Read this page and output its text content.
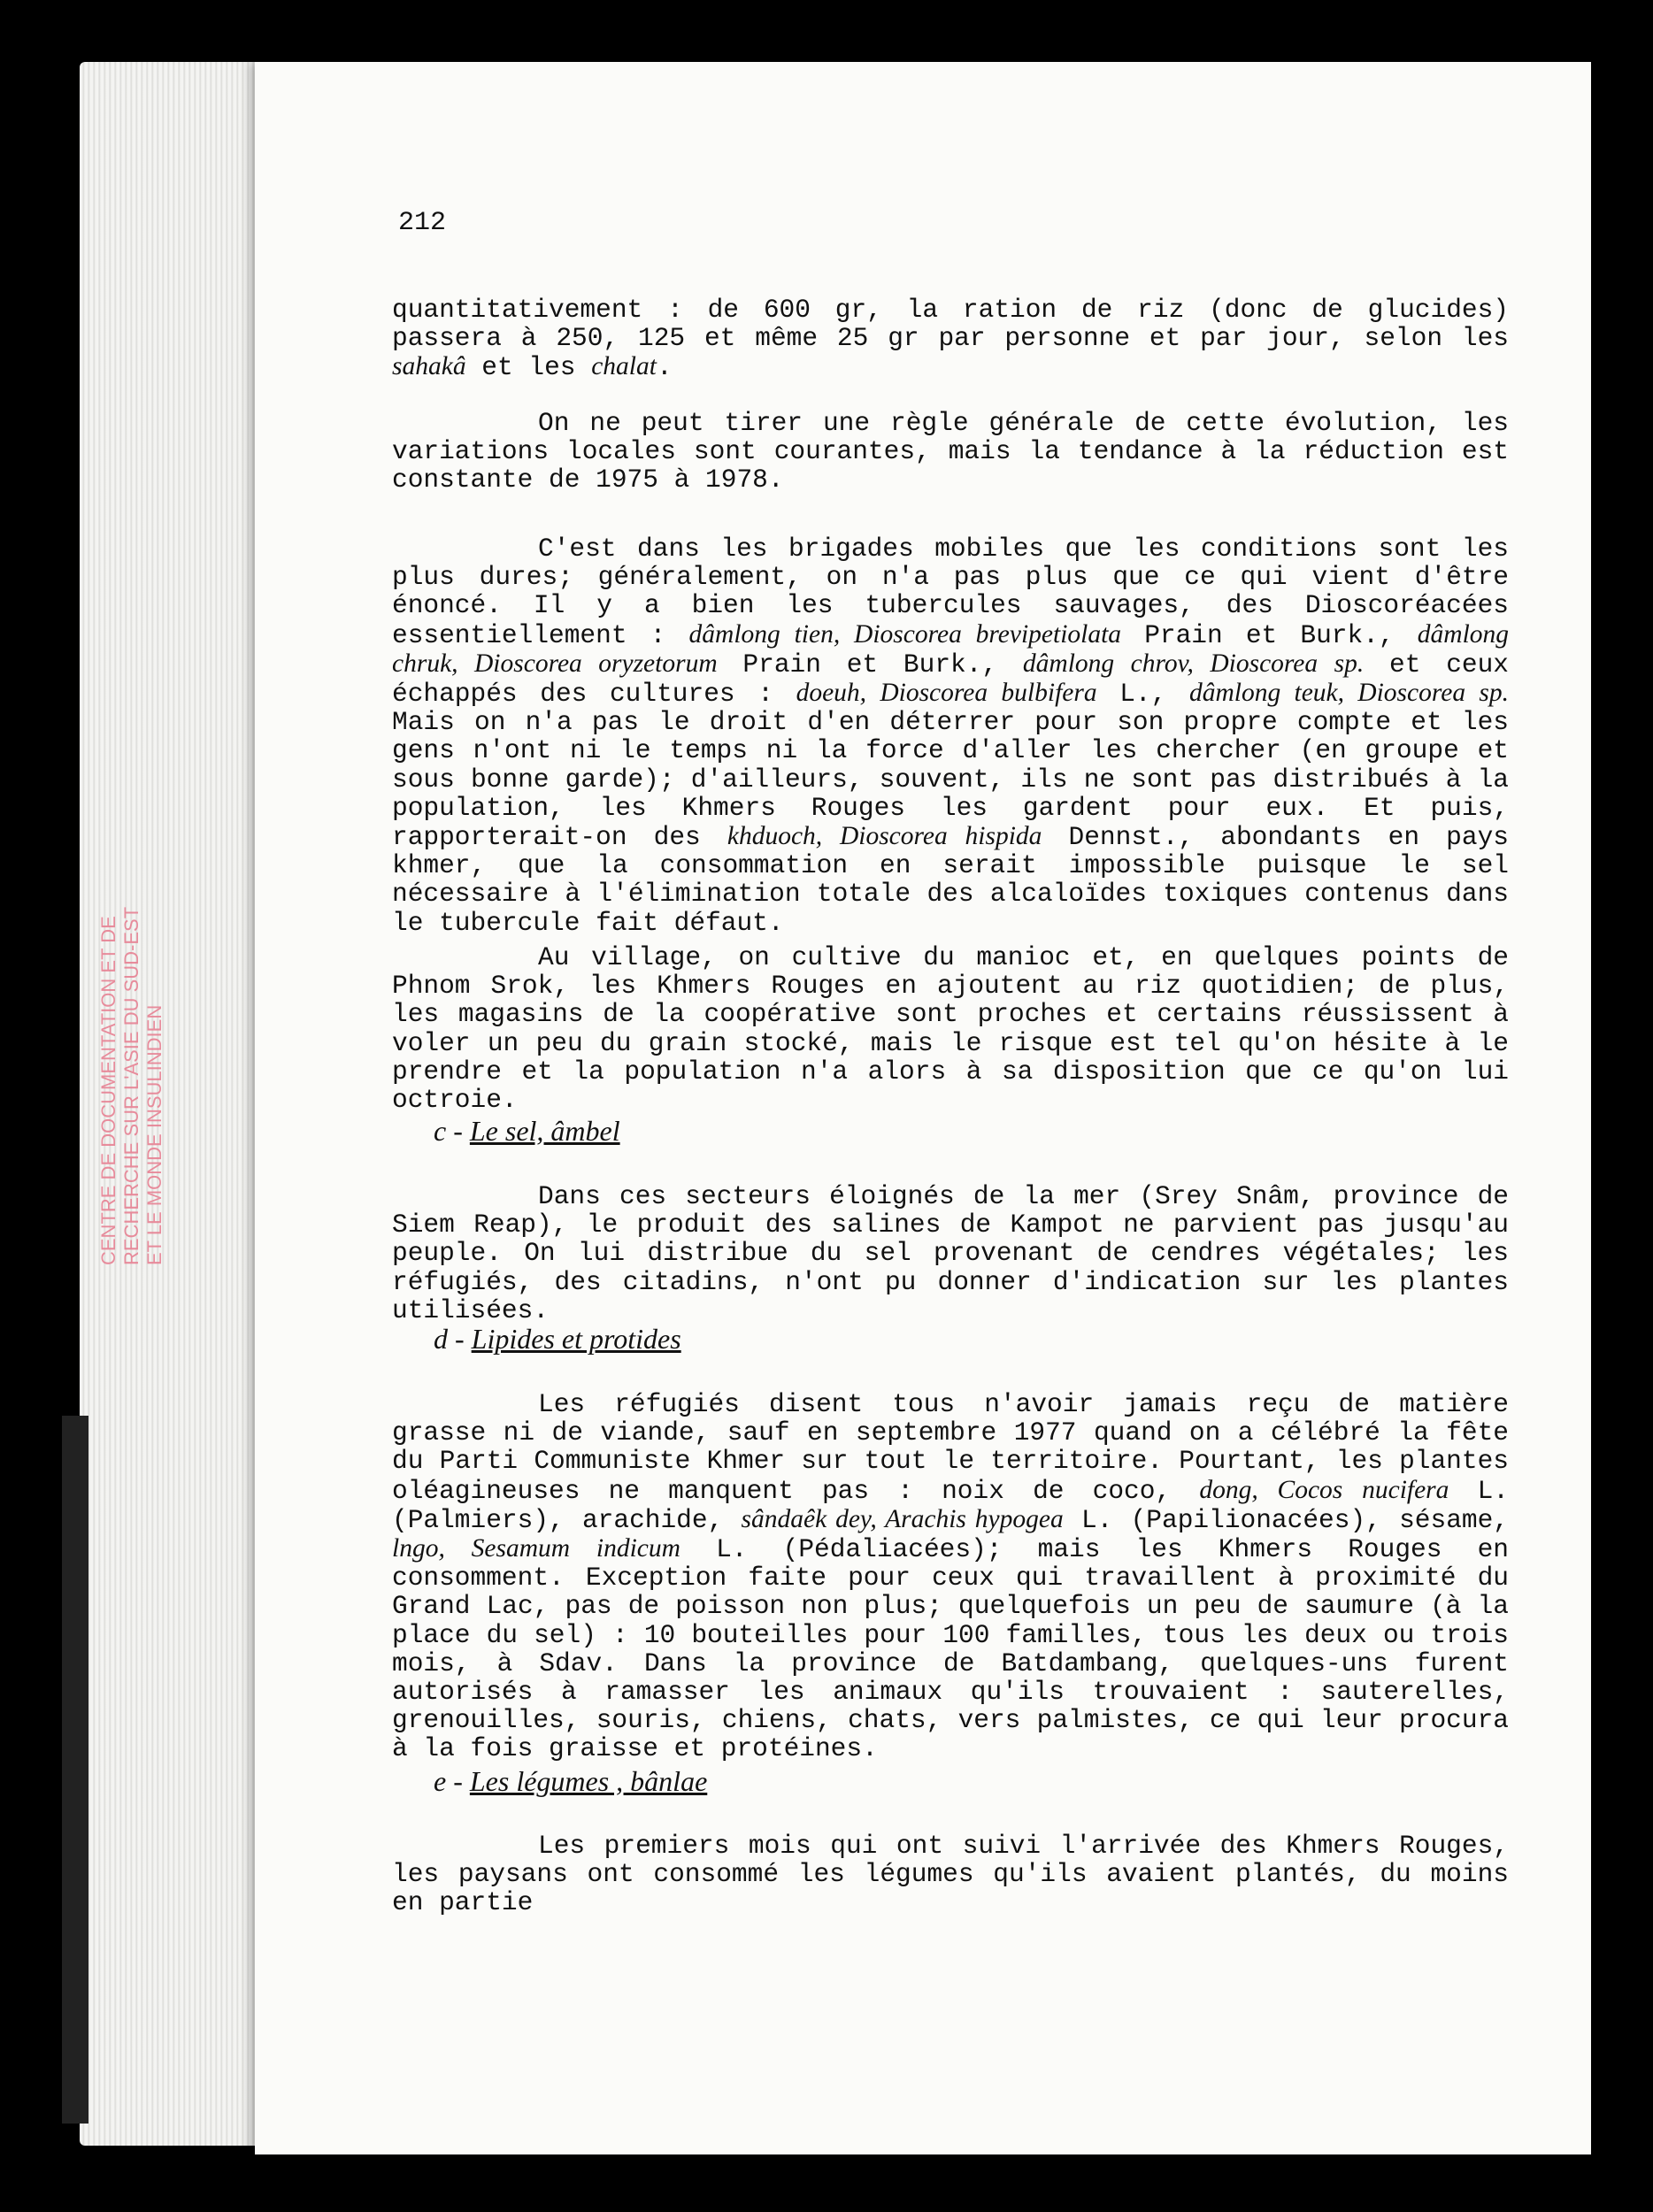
CENTRE DE DOCUMENTATION ET DE RECHERCHE SUR L'ASIE DU SUD-EST ET LE MONDE INSULINDIEN
212

quantitativement : de 600 gr, la ration de riz (donc de glucides) passera à 250, 125 et même 25 gr par personne et par jour, selon les sahakâ et les chalat.

On ne peut tirer une règle générale de cette évolution, les variations locales sont courantes, mais la tendance à la réduction est constante de 1975 à 1978.

C'est dans les brigades mobiles que les conditions sont les plus dures; généralement, on n'a pas plus que ce qui vient d'être énoncé. Il y a bien les tubercules sauvages, des Dioscoréacées essentiellement : dâmlong tien, Dioscorea brevipetiolata Prain et Burk., dâmlong chruk, Dioscorea oryzetorum Prain et Burk., dâmlong chrov, Dioscorea sp. et ceux échappés des cultures : doeuh, Dioscorea bulbifera L., dâmlong teuk, Dioscorea sp. Mais on n'a pas le droit d'en déterrer pour son propre compte et les gens n'ont ni le temps ni la force d'aller les chercher (en groupe et sous bonne garde); d'ailleurs, souvent, ils ne sont pas distribués à la population, les Khmers Rouges les gardent pour eux. Et puis, rapporterait-on des khduoch, Dioscorea hispida Dennst., abondants en pays khmer, que la consommation en serait impossible puisque le sel nécessaire à l'élimination totale des alcaloïdes toxiques contenus dans le tubercule fait défaut.

Au village, on cultive du manioc et, en quelques points de Phnom Srok, les Khmers Rouges en ajoutent au riz quotidien; de plus, les magasins de la coopérative sont proches et certains réussissent à voler un peu du grain stocké, mais le risque est tel qu'on hésite à le prendre et la population n'a alors à sa disposition que ce qu'on lui octroie.

c - Le sel, âmbel

Dans ces secteurs éloignés de la mer (Srey Snâm, province de Siem Reap), le produit des salines de Kampot ne parvient pas jusqu'au peuple. On lui distribue du sel provenant de cendres végétales; les réfugiés, des citadins, n'ont pu donner d'indication sur les plantes utilisées.

d - Lipides et protides

Les réfugiés disent tous n'avoir jamais reçu de matière grasse ni de viande, sauf en septembre 1977 quand on a célébré la fête du Parti Communiste Khmer sur tout le territoire. Pourtant, les plantes oléagineuses ne manquent pas : noix de coco, dong, Cocos nucifera L. (Palmiers), arachide, sândaêk dey, Arachis hypogea L. (Papilionacées), sésame, lngo, Sesamum indicum L. (Pédaliacées); mais les Khmers Rouges en consomment. Exception faite pour ceux qui travaillent à proximité du Grand Lac, pas de poisson non plus; quelquefois un peu de saumure (à la place du sel) : 10 bouteilles pour 100 familles, tous les deux ou trois mois, à Sdav. Dans la province de Batdambang, quelques-uns furent autorisés à ramasser les animaux qu'ils trouvaient : sauterelles, grenouilles, souris, chiens, chats, vers palmistes, ce qui leur procura à la fois graisse et protéines.

e - Les légumes , bânlae

Les premiers mois qui ont suivi l'arrivée des Khmers Rouges, les paysans ont consommé les légumes qu'ils avaient plantés, du moins en partie
